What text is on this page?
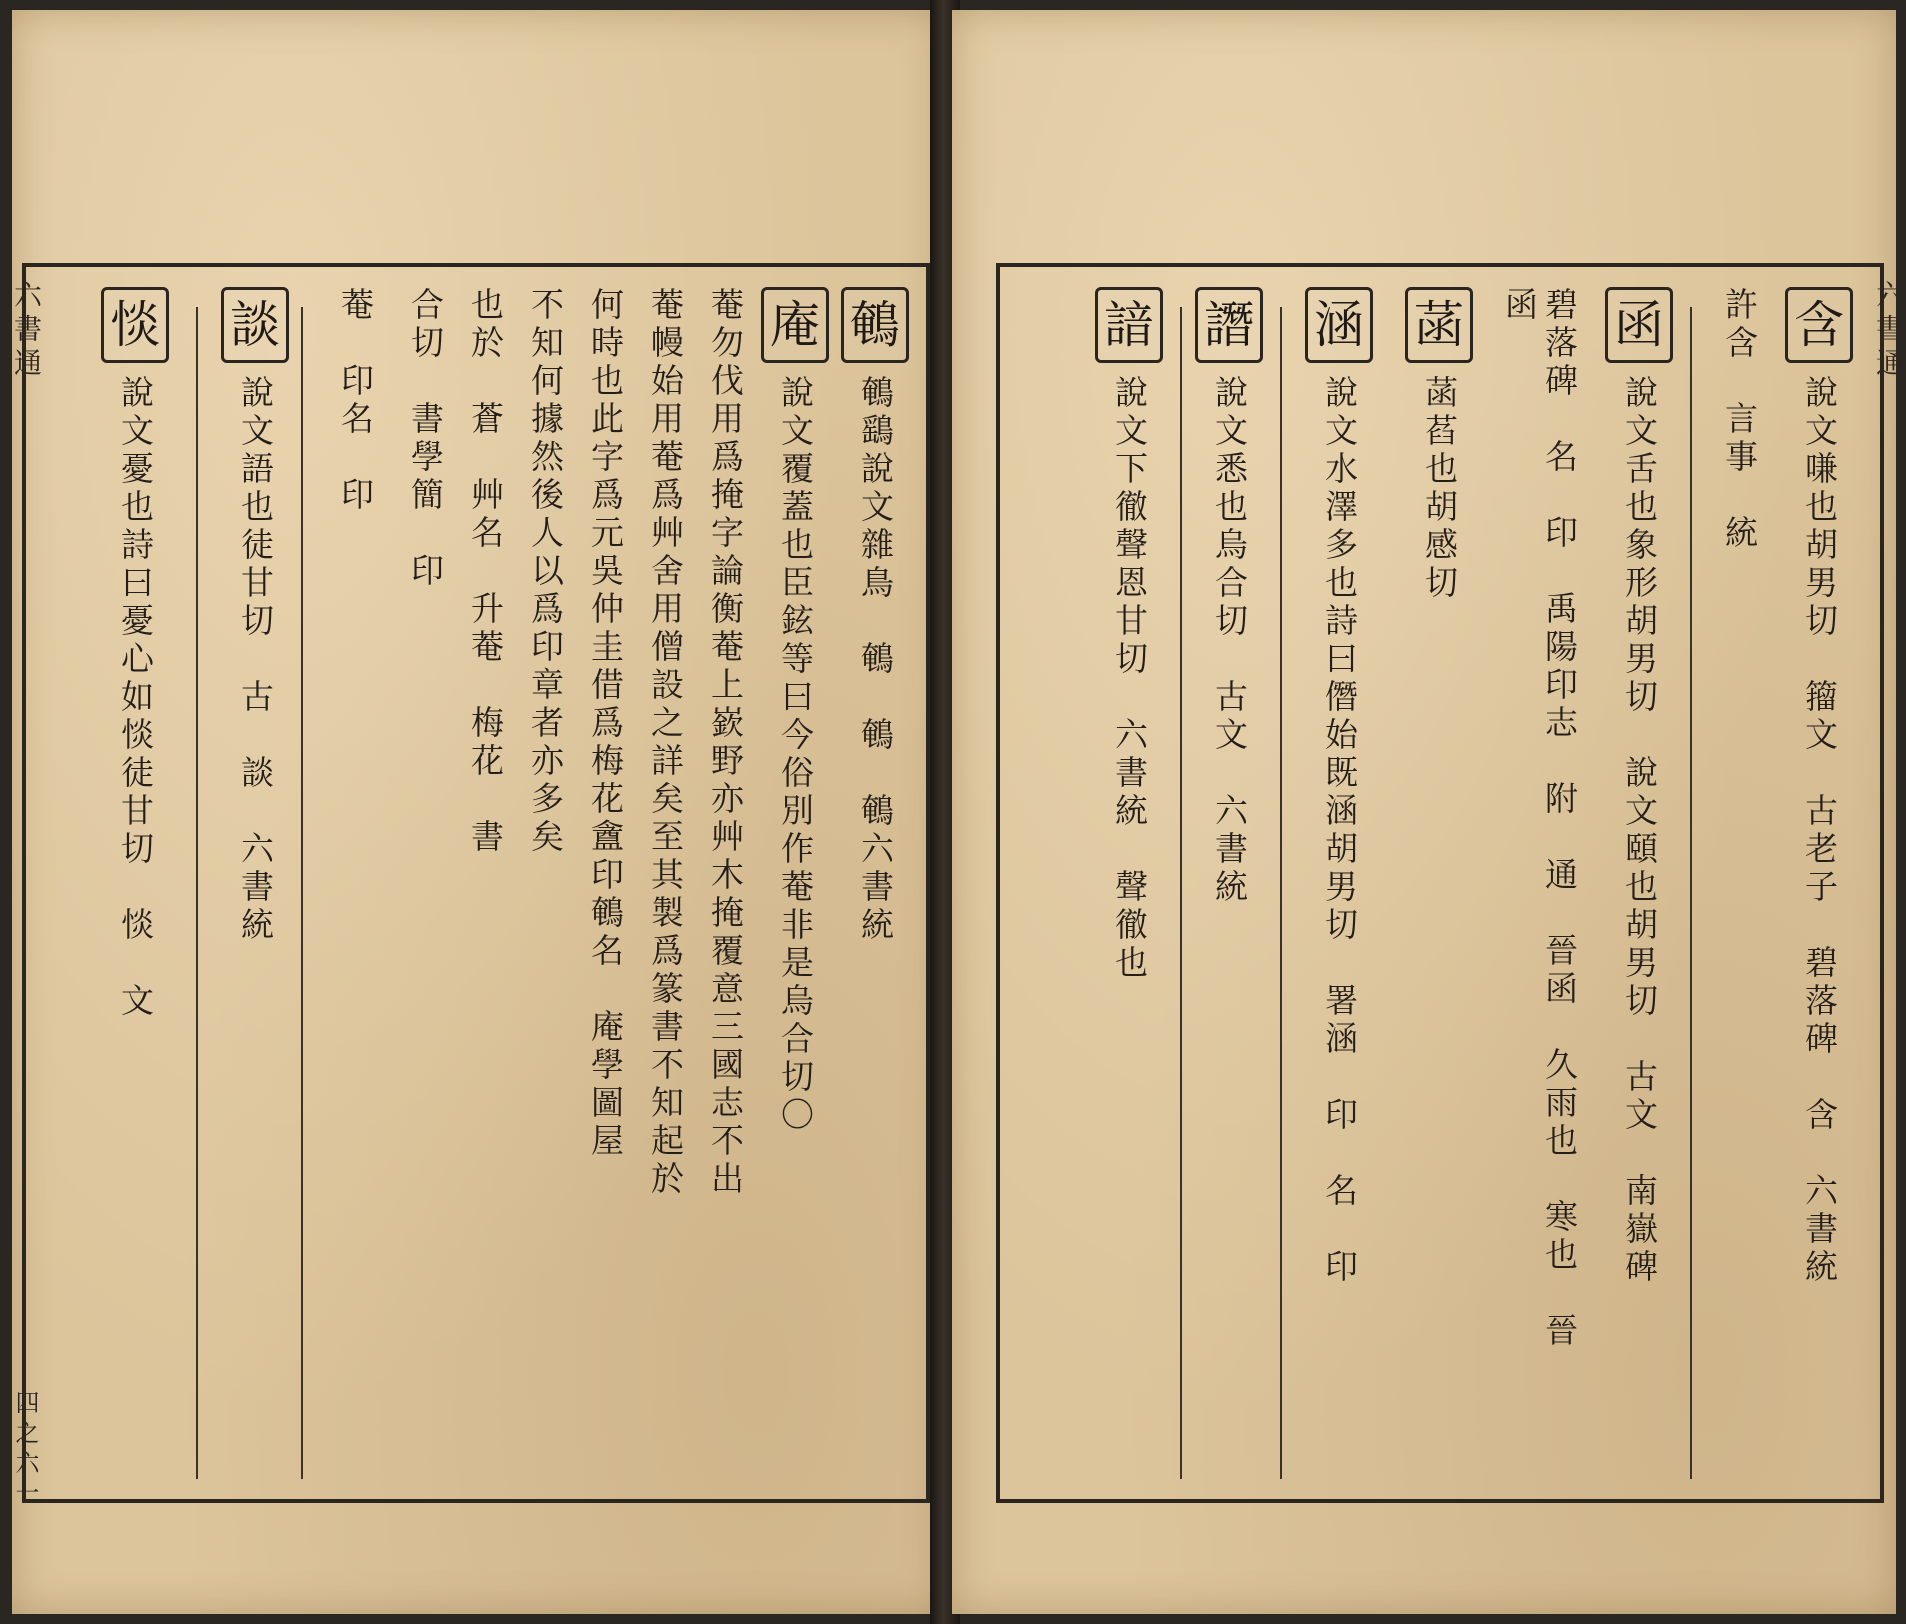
鵪
鵪鷂說文雜鳥　鵪　鵪　鵪六書統
庵
說文覆蓋也臣鉉等曰今俗別作菴非是烏合切〇
菴勿伐用爲掩字論衡菴上嶔野亦艸木掩覆意三國志不出
菴幔始用菴爲艸舍用僧設之詳矣至其製爲篆書不知起於
何時也此字爲元吳仲圭借爲梅花盦印鵪名　庵學圖屋
不知何據然後人以爲印章者亦多矣
也於　蒼　艸名　升菴　梅花　書
合切　書學簡　印
菴　印名　印
談
說文語也徒甘切　古　談　六書統
惔
說文憂也詩曰憂心如惔徒甘切　惔　文
六書通
四之六一
含
說文嗛也胡男切　籀文　古老子　碧落碑　含　六書統
許含　言事　統
函
說文舌也象形胡男切　說文頤也胡男切　古文　南嶽碑
碧落碑　名　印　禹陽印志　附　通　晉函　久雨也　寒也　晉函
菡
菡萏也胡感切
涵
說文水澤多也詩曰僭始既涵胡男切　署涵　印　名　印
譖
說文悉也烏合切　古文　六書統
諳
說文下徹聲恩甘切　六書統　聲徹也
六書通
